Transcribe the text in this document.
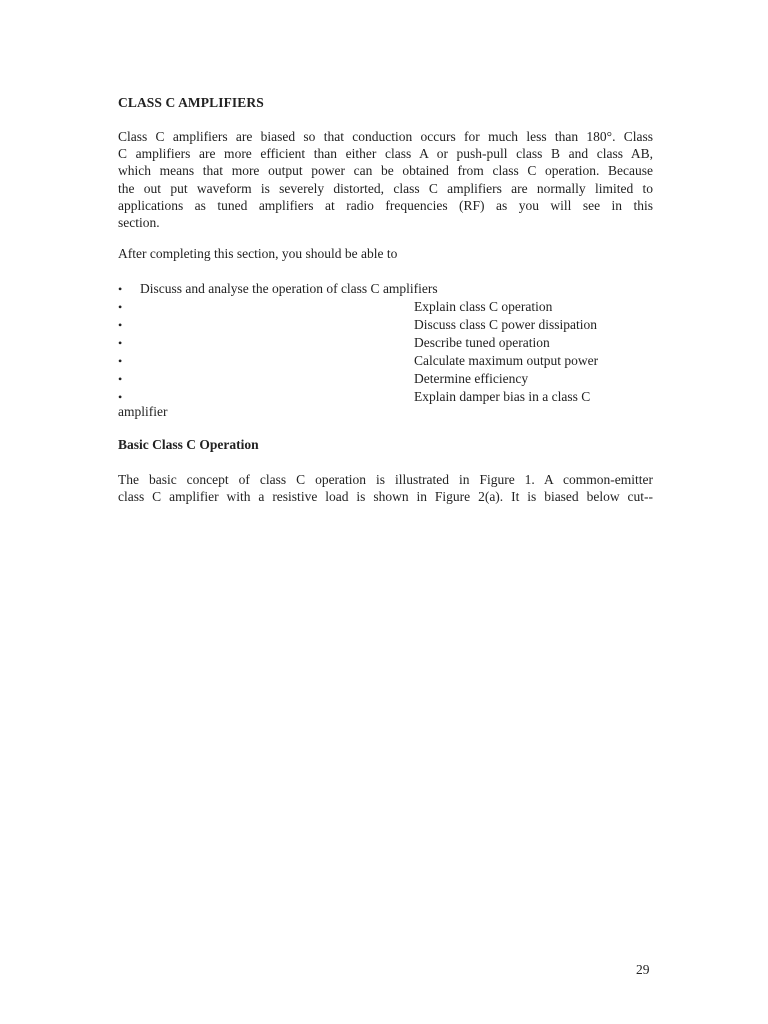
CLASS C AMPLIFIERS
Class C amplifiers are biased so that conduction occurs for much less than 180°. Class
C amplifiers are more efficient than either class A or push-pull class B and class AB,
which means that more output power can be obtained from class C operation. Because
the out put waveform is severely distorted, class C amplifiers are normally limited to
applications as tuned amplifiers at radio frequencies (RF) as you will see in this
section.
After completing this section, you should be able to
• Discuss and analyse the operation of class C amplifiers
•	Explain class C operation
•	Discuss class C power dissipation
•	Describe tuned operation
•	Calculate maximum output power
•	Determine efficiency
•	Explain damper bias in a class C
amplifier
Basic Class C Operation
The basic concept of class C operation is illustrated in Figure 1. A common-emitter
class C amplifier with a resistive load is shown in Figure 2(a). It is biased below cut--
29
